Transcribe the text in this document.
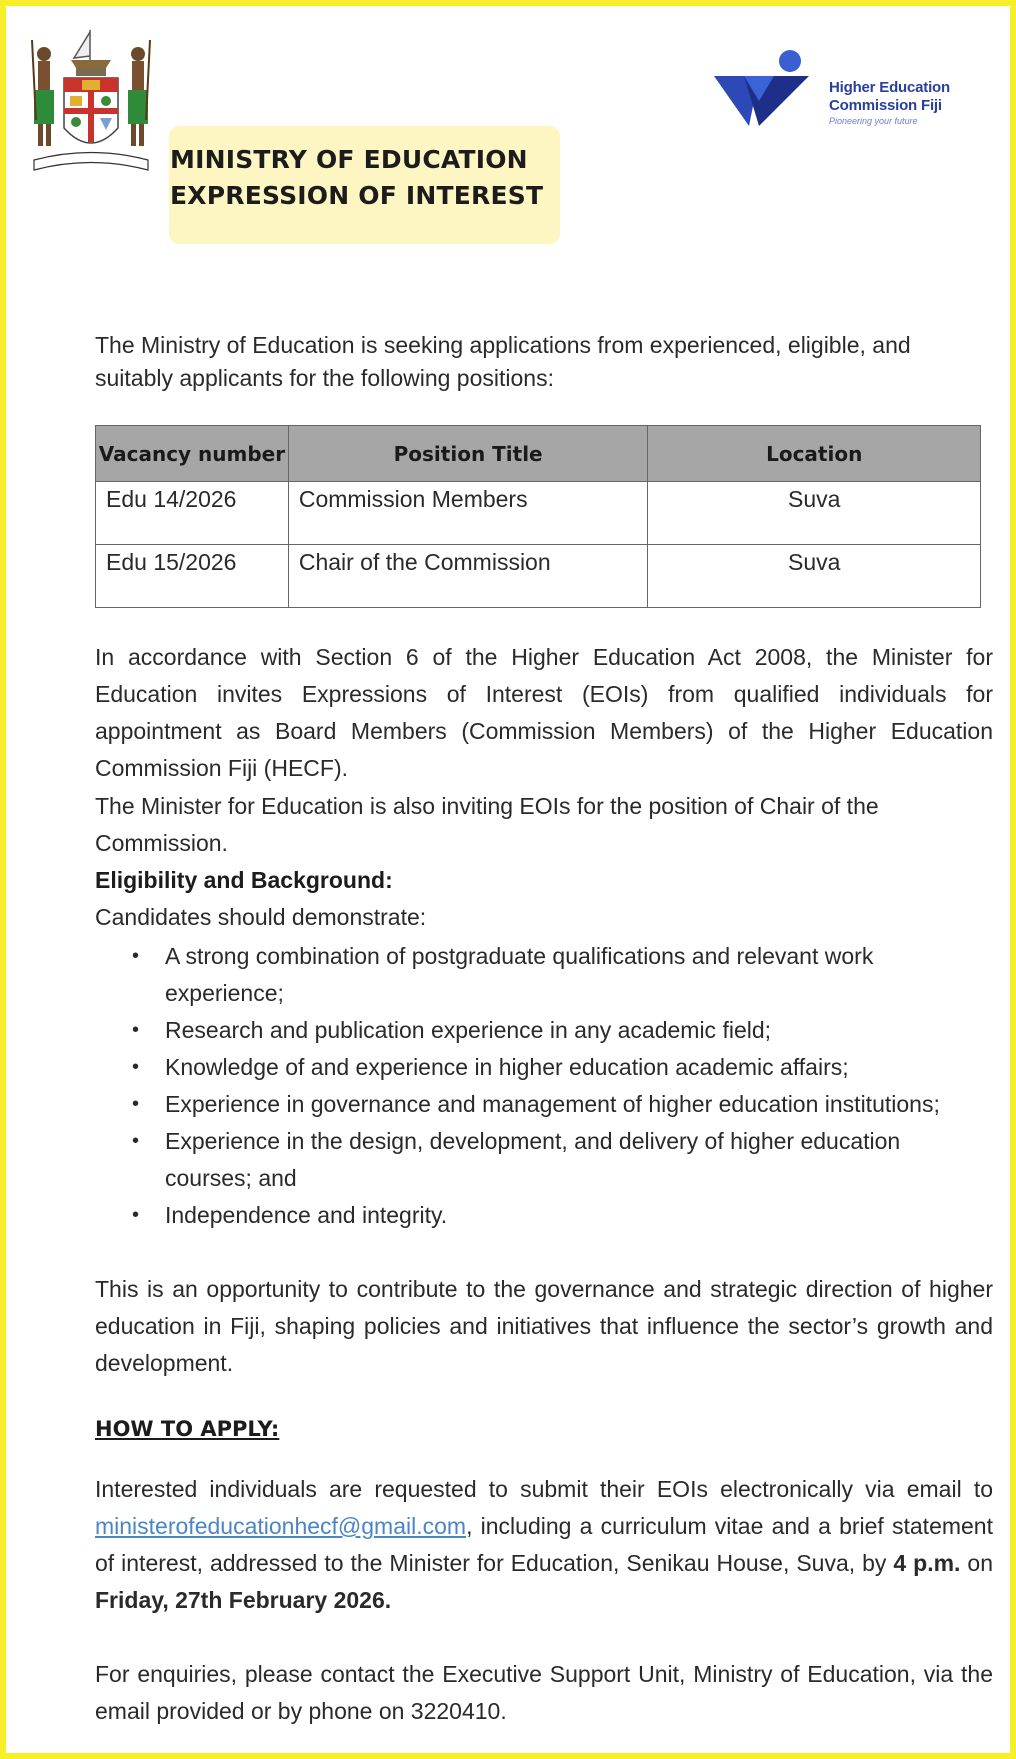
MINISTRY OF EDUCATION
EXPRESSION OF INTEREST
Higher Education
Commission Fiji
Pioneering your future

The Ministry of Education is seeking applications from experienced, eligible, and suitably applicants for the following positions:

Vacancy number	Position Title	Location
Edu 14/2026	Commission Members	Suva
Edu 15/2026	Chair of the Commission	Suva

In accordance with Section 6 of the Higher Education Act 2008, the Minister for Education invites Expressions of Interest (EOIs) from qualified individuals for appointment as Board Members (Commission Members) of the Higher Education Commission Fiji (HECF).

The Minister for Education is also inviting EOIs for the position of Chair of the Commission.

Eligibility and Background:

Candidates should demonstrate:

• A strong combination of postgraduate qualifications and relevant work experience;
• Research and publication experience in any academic field;
• Knowledge of and experience in higher education academic affairs;
• Experience in governance and management of higher education institutions;
• Experience in the design, development, and delivery of higher education courses; and
• Independence and integrity.

This is an opportunity to contribute to the governance and strategic direction of higher education in Fiji, shaping policies and initiatives that influence the sector’s growth and development.

HOW TO APPLY:

Interested individuals are requested to submit their EOIs electronically via email to ministerofeducationhecf@gmail.com, including a curriculum vitae and a brief statement of interest, addressed to the Minister for Education, Senikau House, Suva, by 4 p.m. on Friday, 27th February 2026.

For enquiries, please contact the Executive Support Unit, Ministry of Education, via the email provided or by phone on 3220410.
